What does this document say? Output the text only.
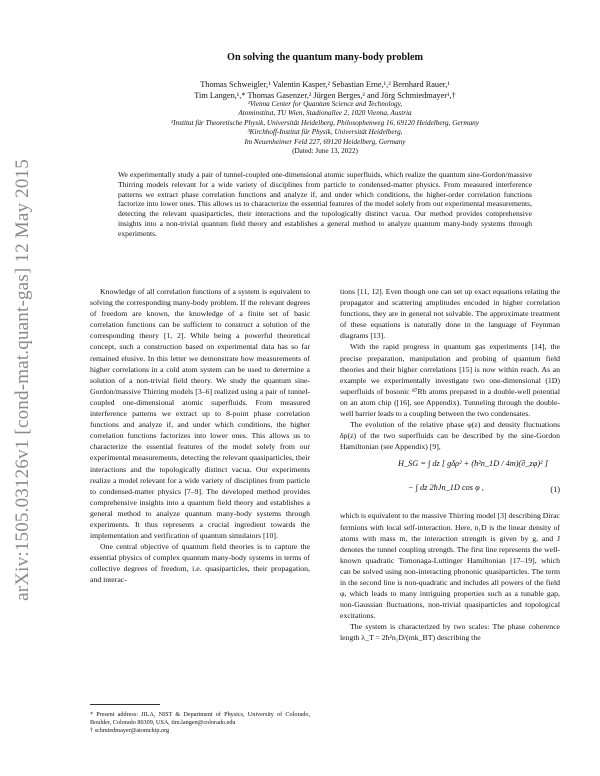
arXiv:1505.03126v1 [cond-mat.quant-gas] 12 May 2015
On solving the quantum many-body problem
Thomas Schweigler,¹ Valentin Kasper,² Sebastian Erne,¹,² Bernhard Rauer,¹
Tim Langen,¹,* Thomas Gasenzer,² Jürgen Berges,² and Jörg Schmiedmayer¹,†
¹Vienna Center for Quantum Science and Technology,
Atominstitut, TU Wien, Stadionallee 2, 1020 Vienna, Austria
²Institut für Theoretische Physik, Universität Heidelberg, Philosophenweg 16, 69120 Heidelberg, Germany
³Kirchhoff-Institut für Physik, Universität Heidelberg,
Im Neuenheimer Feld 227, 69120 Heidelberg, Germany
(Dated: June 13, 2022)
We experimentally study a pair of tunnel-coupled one-dimensional atomic superfluids, which realize the quantum sine-Gordon/massive Thirring models relevant for a wide variety of disciplines from particle to condensed-matter physics. From measured interference patterns we extract phase correlation functions and analyze if, and under which conditions, the higher-order correlation functions factorize into lower ones. This allows us to characterize the essential features of the model solely from our experimental measurements, detecting the relevant quasiparticles, their interactions and the topologically distinct vacua. Our method provides comprehensive insights into a non-trivial quantum field theory and establishes a general method to analyze quantum many-body systems through experiments.

Knowledge of all correlation functions of a system is equivalent to solving the corresponding many-body problem. If the relevant degrees of freedom are known, the knowledge of a finite set of basic correlation functions can be sufficient to construct a solution of the corresponding theory [1, 2]. While being a powerful theoretical concept, such a construction based on experimental data has so far remained elusive. In this letter we demonstrate how measurements of higher correlations in a cold atom system can be used to determine a solution of a non-trivial field theory. We study the quantum sine-Gordon/massive Thirring models [3–6] realized using a pair of tunnel-coupled one-dimensional atomic superfluids. From measured interference patterns we extract up to 8-point phase correlation functions and analyze if, and under which conditions, the higher correlation functions factorizes into lower ones. This allows us to characterize the essential features of the model solely from our experimental measurements, detecting the relevant quasiparticles, their interactions and the topologically distinct vacua. Our experiments realize a model relevant for a wide variety of disciplines from particle to condensed-matter physics [7–9]. The developed method provides comprehensive insights into a quantum field theory and establishes a general method to analyze quantum many-body systems through experiments. It thus represents a crucial ingredient towards the implementation and verification of quantum simulators [10].

One central objective of quantum field theories is to capture the essential physics of complex quantum many-body systems in terms of collective degrees of freedom, i.e. quasiparticles, their propagation, and interac-

* Present address: JILA, NIST & Department of Physics, University of Colorado, Boulder, Colorado 80309, USA, tim.langen@colorado.edu

† schmiedmayer@atomchip.org

tions [11, 12]. Even though one can set up exact equations relating the propagator and scattering amplitudes encoded in higher correlation functions, they are in general not solvable. The approximate treatment of these equations is naturally done in the language of Feynman diagrams [13].

With the rapid progress in quantum gas experiments [14], the precise preparation, manipulation and probing of quantum field theories and their higher correlations [15] is now within reach. As an example we experimentally investigate two one-dimensional (1D) superfluids of bosonic ⁸⁷Rb atoms prepared in a double-well potential on an atom chip ([16], see Appendix). Tunneling through the double-well barrier leads to a coupling between the two condensates.

The evolution of the relative phase φ(z) and density fluctuations δρ(z) of the two superfluids can be described by the sine-Gordon Hamiltonian (see Appendix) [9],

H_SG = ∫ dz [ gδρ² + (ħ²n_1D / 4m)(∂_zφ)² ]
− ∫ dz 2ħJn_1D cos φ ,	(1)

which is equivalent to the massive Thirring model [3] describing Dirac fermions with local self-interaction. Here, n₁D is the linear density of atoms with mass m, the interaction strength is given by g, and J denotes the tunnel coupling strength. The first line represents the well-known quadratic Tomonaga-Luttinger Hamiltonian [17–19], which can be solved using non-interacting phononic quasiparticles. The term in the second line is non-quadratic and includes all powers of the field φ, which leads to many intriguing properties such as a tunable gap, non-Gaussian fluctuations, non-trivial quasiparticles and topological excitations.

The system is characterized by two scales: The phase coherence length λ_T = 2ħ²n₁D/(mk_BT) describing the
